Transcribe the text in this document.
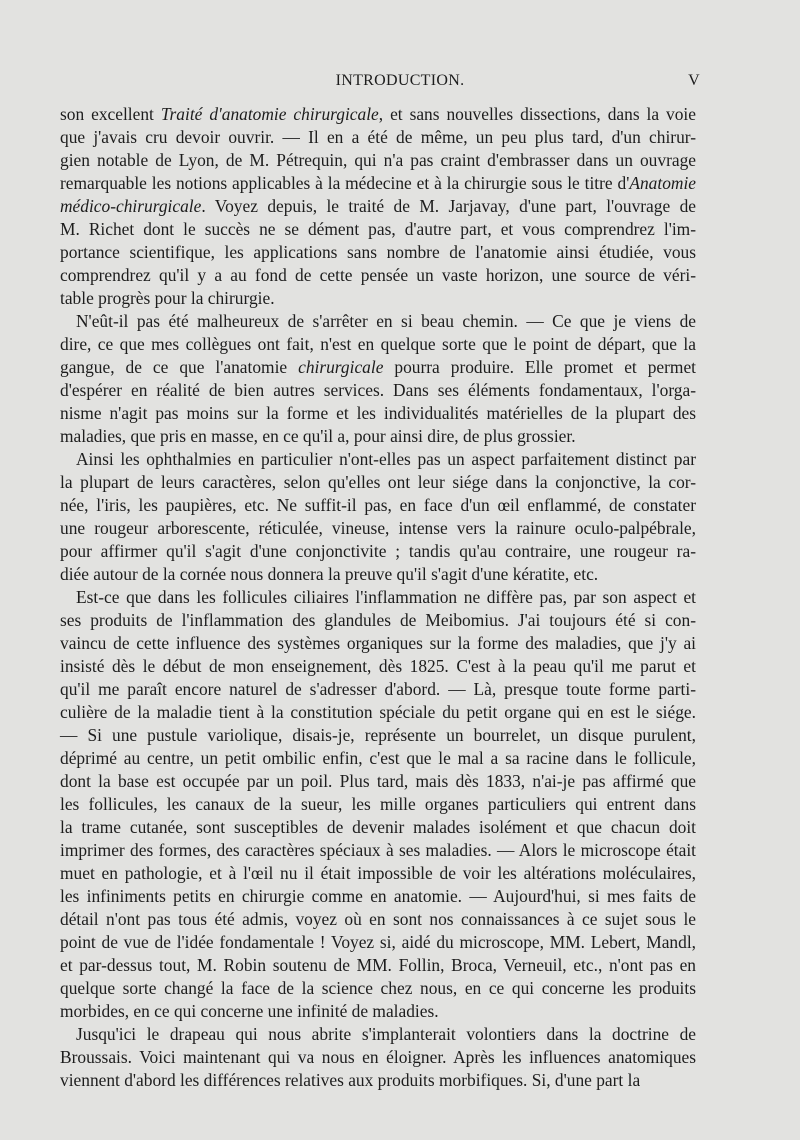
INTRODUCTION.	V
son excellent Traité d'anatomie chirurgicale, et sans nouvelles dissections, dans la voie
que j'avais cru devoir ouvrir. — Il en a été de même, un peu plus tard, d'un chirur-
gien notable de Lyon, de M. Pétrequin, qui n'a pas craint d'embrasser dans un ouvrage
remarquable les notions applicables à la médecine et à la chirurgie sous le titre d'Anatomie
médico-chirurgicale. Voyez depuis, le traité de M. Jarjavay, d'une part, l'ouvrage de
M. Richet dont le succès ne se dément pas, d'autre part, et vous comprendrez l'im-
portance scientifique, les applications sans nombre de l'anatomie ainsi étudiée, vous
comprendrez qu'il y a au fond de cette pensée un vaste horizon, une source de véri-
table progrès pour la chirurgie.
N'eût-il pas été malheureux de s'arrêter en si beau chemin. — Ce que je viens de
dire, ce que mes collègues ont fait, n'est en quelque sorte que le point de départ, que la
gangue, de ce que l'anatomie chirurgicale pourra produire. Elle promet et permet
d'espérer en réalité de bien autres services. Dans ses éléments fondamentaux, l'orga-
nisme n'agit pas moins sur la forme et les individualités matérielles de la plupart des
maladies, que pris en masse, en ce qu'il a, pour ainsi dire, de plus grossier.
Ainsi les ophthalmies en particulier n'ont-elles pas un aspect parfaitement distinct par
la plupart de leurs caractères, selon qu'elles ont leur siége dans la conjonctive, la cor-
née, l'iris, les paupières, etc. Ne suffit-il pas, en face d'un œil enflammé, de constater
une rougeur arborescente, réticulée, vineuse, intense vers la rainure oculo-palpébrale,
pour affirmer qu'il s'agit d'une conjonctivite ; tandis qu'au contraire, une rougeur ra-
diée autour de la cornée nous donnera la preuve qu'il s'agit d'une kératite, etc.
Est-ce que dans les follicules ciliaires l'inflammation ne diffère pas, par son aspect et
ses produits de l'inflammation des glandules de Meibomius. J'ai toujours été si con-
vaincu de cette influence des systèmes organiques sur la forme des maladies, que j'y ai
insisté dès le début de mon enseignement, dès 1825. C'est à la peau qu'il me parut et
qu'il me paraît encore naturel de s'adresser d'abord. — Là, presque toute forme parti-
culière de la maladie tient à la constitution spéciale du petit organe qui en est le siége.
— Si une pustule variolique, disais-je, représente un bourrelet, un disque purulent,
déprimé au centre, un petit ombilic enfin, c'est que le mal a sa racine dans le follicule,
dont la base est occupée par un poil. Plus tard, mais dès 1833, n'ai-je pas affirmé que
les follicules, les canaux de la sueur, les mille organes particuliers qui entrent dans
la trame cutanée, sont susceptibles de devenir malades isolément et que chacun doit
imprimer des formes, des caractères spéciaux à ses maladies. — Alors le microscope était
muet en pathologie, et à l'œil nu il était impossible de voir les altérations moléculaires,
les infiniments petits en chirurgie comme en anatomie. — Aujourd'hui, si mes faits de
détail n'ont pas tous été admis, voyez où en sont nos connaissances à ce sujet sous le
point de vue de l'idée fondamentale ! Voyez si, aidé du microscope, MM. Lebert, Mandl,
et par-dessus tout, M. Robin soutenu de MM. Follin, Broca, Verneuil, etc., n'ont pas en
quelque sorte changé la face de la science chez nous, en ce qui concerne les produits
morbides, en ce qui concerne une infinité de maladies.
Jusqu'ici le drapeau qui nous abrite s'implanterait volontiers dans la doctrine de
Broussais. Voici maintenant qui va nous en éloigner. Après les influences anatomiques
viennent d'abord les différences relatives aux produits morbifiques. Si, d'une part la
